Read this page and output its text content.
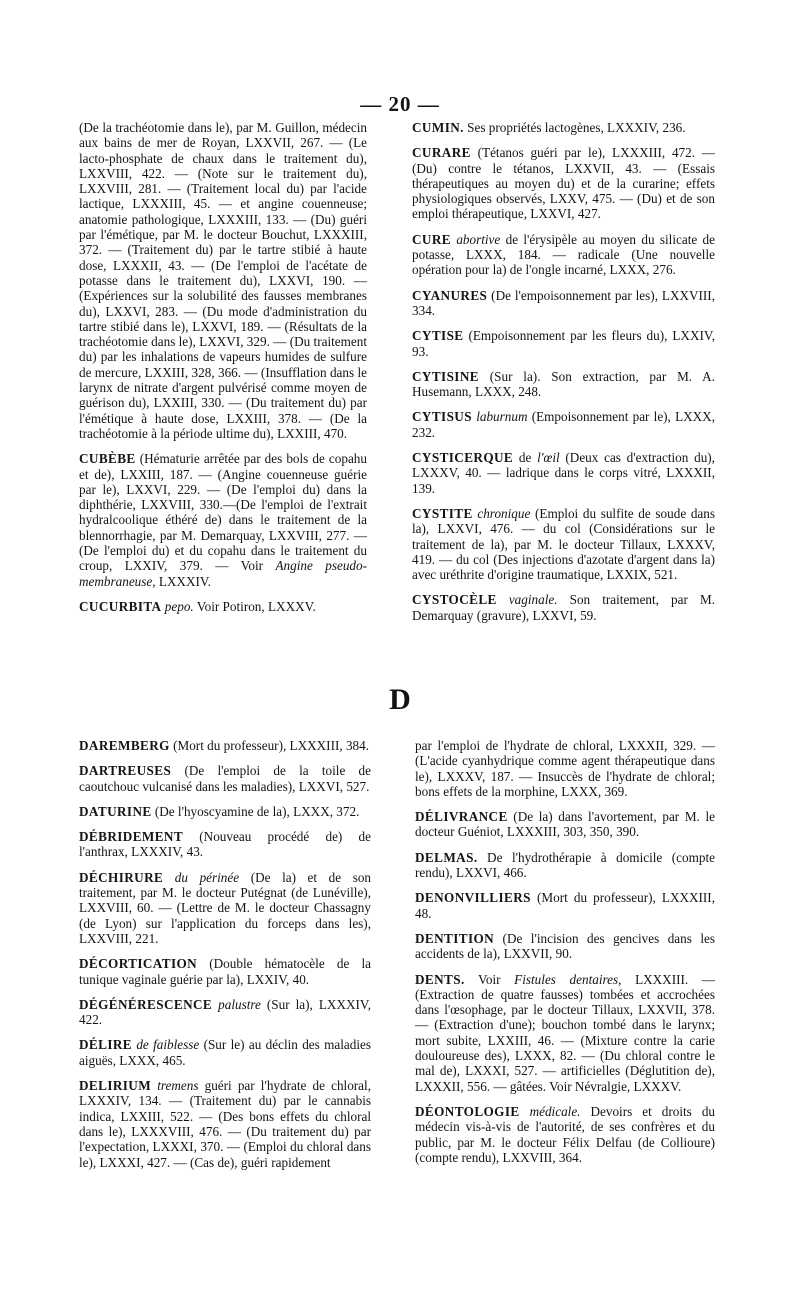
— 20 —

(De la trachéotomie dans le), par M. Guillon, médecin aux bains de mer de Royan, LXXVII, 267. — (Le lacto-phosphate de chaux dans le traitement du), LXXVIII, 422. — (Note sur le traitement du), LXXVIII, 281. — (Traitement local du) par l'acide lactique, LXXXIII, 45. — et angine couenneuse; anatomie pathologique, LXXXIII, 133. — (Du) guéri par l'émétique, par M. le docteur Bouchut, LXXXIII, 372. — (Traitement du) par le tartre stibié à haute dose, LXXXII, 43. — (De l'emploi de l'acétate de potasse dans le traitement du), LXXVI, 190. — (Expériences sur la solubilité des fausses membranes du), LXXVI, 283. — (Du mode d'administration du tartre stibié dans le), LXXVI, 189. — (Résultats de la trachéotomie dans le), LXXVI, 329. — (Du traitement du) par les inhalations de vapeurs humides de sulfure de mercure, LXXIII, 328, 366. — (Insufflation dans le larynx de nitrate d'argent pulvérisé comme moyen de guérison du), LXXIII, 330. — (Du traitement du) par l'émétique à haute dose, LXXIII, 378. — (De la trachéotomie à la période ultime du), LXXIII, 470.

CUBÈBE (Hématurie arrêtée par des bols de copahu et de), LXXIII, 187. — (Angine couenneuse guérie par le), LXXVI, 229. — (De l'emploi du) dans la diphthérie, LXXVIII, 330.—(De l'emploi de l'extrait hydralcoolique éthéré de) dans le traitement de la blennorrhagie, par M. Demarquay, LXXVIII, 277. — (De l'emploi du) et du copahu dans le traitement du croup, LXXIV, 379. — Voir Angine pseudo-membraneuse, LXXXIV.

CUCURBITA pepo. Voir Potiron, LXXXV.

CUMIN. Ses propriétés lactogènes, LXXXIV, 236.

CURARE (Tétanos guéri par le), LXXXIII, 472. — (Du) contre le tétanos, LXXVII, 43. — (Essais thérapeutiques au moyen du) et de la curarine; effets physiologiques observés, LXXV, 475. — (Du) et de son emploi thérapeutique, LXXVI, 427.

CURE abortive de l'érysipèle au moyen du silicate de potasse, LXXX, 184. — radicale (Une nouvelle opération pour la) de l'ongle incarné, LXXX, 276.

CYANURES (De l'empoisonnement par les), LXXVIII, 334.

CYTISE (Empoisonnement par les fleurs du), LXXIV, 93.

CYTISINE (Sur la). Son extraction, par M. A. Husemann, LXXX, 248.

CYTISUS laburnum (Empoisonnement par le), LXXX, 232.

CYSTICERQUE de l'œil (Deux cas d'extraction du), LXXXV, 40. — ladrique dans le corps vitré, LXXXII, 139.

CYSTITE chronique (Emploi du sulfite de soude dans la), LXXVI, 476. — du col (Considérations sur le traitement de la), par M. le docteur Tillaux, LXXXV, 419. — du col (Des injections d'azotate d'argent dans la) avec uréthrite d'origine traumatique, LXXIX, 521.

CYSTOCÈLE vaginale. Son traitement, par M. Demarquay (gravure), LXXVI, 59.

D

DAREMBERG (Mort du professeur), LXXXIII, 384.

DARTREUSES (De l'emploi de la toile de caoutchouc vulcanisé dans les maladies), LXXVI, 527.

DATURINE (De l'hyoscyamine de la), LXXX, 372.

DÉBRIDEMENT (Nouveau procédé de) de l'anthrax, LXXXIV, 43.

DÉCHIRURE du périnée (De la) et de son traitement, par M. le docteur Putégnat (de Lunéville), LXXVIII, 60. — (Lettre de M. le docteur Chassagny (de Lyon) sur l'application du forceps dans les), LXXVIII, 221.

DÉCORTICATION (Double hématocèle de la tunique vaginale guérie par la), LXXIV, 40.

DÉGÉNÉRESCENCE palustre (Sur la), LXXXIV, 422.

DÉLIRE de faiblesse (Sur le) au déclin des maladies aiguës, LXXX, 465.

DELIRIUM tremens guéri par l'hydrate de chloral, LXXXIV, 134. — (Traitement du) par le cannabis indica, LXXIII, 522. — (Des bons effets du chloral dans le), LXXXVIII, 476. — (Du traitement du) par l'expectation, LXXXI, 370. — (Emploi du chloral dans le), LXXXI, 427. — (Cas de), guéri rapidement

par l'emploi de l'hydrate de chloral, LXXXII, 329. — (L'acide cyanhydrique comme agent thérapeutique dans le), LXXXV, 187. — Insuccès de l'hydrate de chloral; bons effets de la morphine, LXXX, 369.

DÉLIVRANCE (De la) dans l'avortement, par M. le docteur Guéniot, LXXXIII, 303, 350, 390.

DELMAS. De l'hydrothérapie à domicile (compte rendu), LXXVI, 466.

DENONVILLIERS (Mort du professeur), LXXXIII, 48.

DENTITION (De l'incision des gencives dans les accidents de la), LXXVII, 90.

DENTS. Voir Fistules dentaires, LXXXIII. — (Extraction de quatre fausses) tombées et accrochées dans l'œsophage, par le docteur Tillaux, LXXVII, 378. — (Extraction d'une); bouchon tombé dans le larynx; mort subite, LXXIII, 46. — (Mixture contre la carie douloureuse des), LXXX, 82. — (Du chloral contre le mal de), LXXXI, 527. — artificielles (Déglutition de), LXXXII, 556. — gâtées. Voir Névralgie, LXXXV.

DÉONTOLOGIE médicale. Devoirs et droits du médecin vis-à-vis de l'autorité, de ses confrères et du public, par M. le docteur Félix Delfau (de Collioure) (compte rendu), LXXVIII, 364.
